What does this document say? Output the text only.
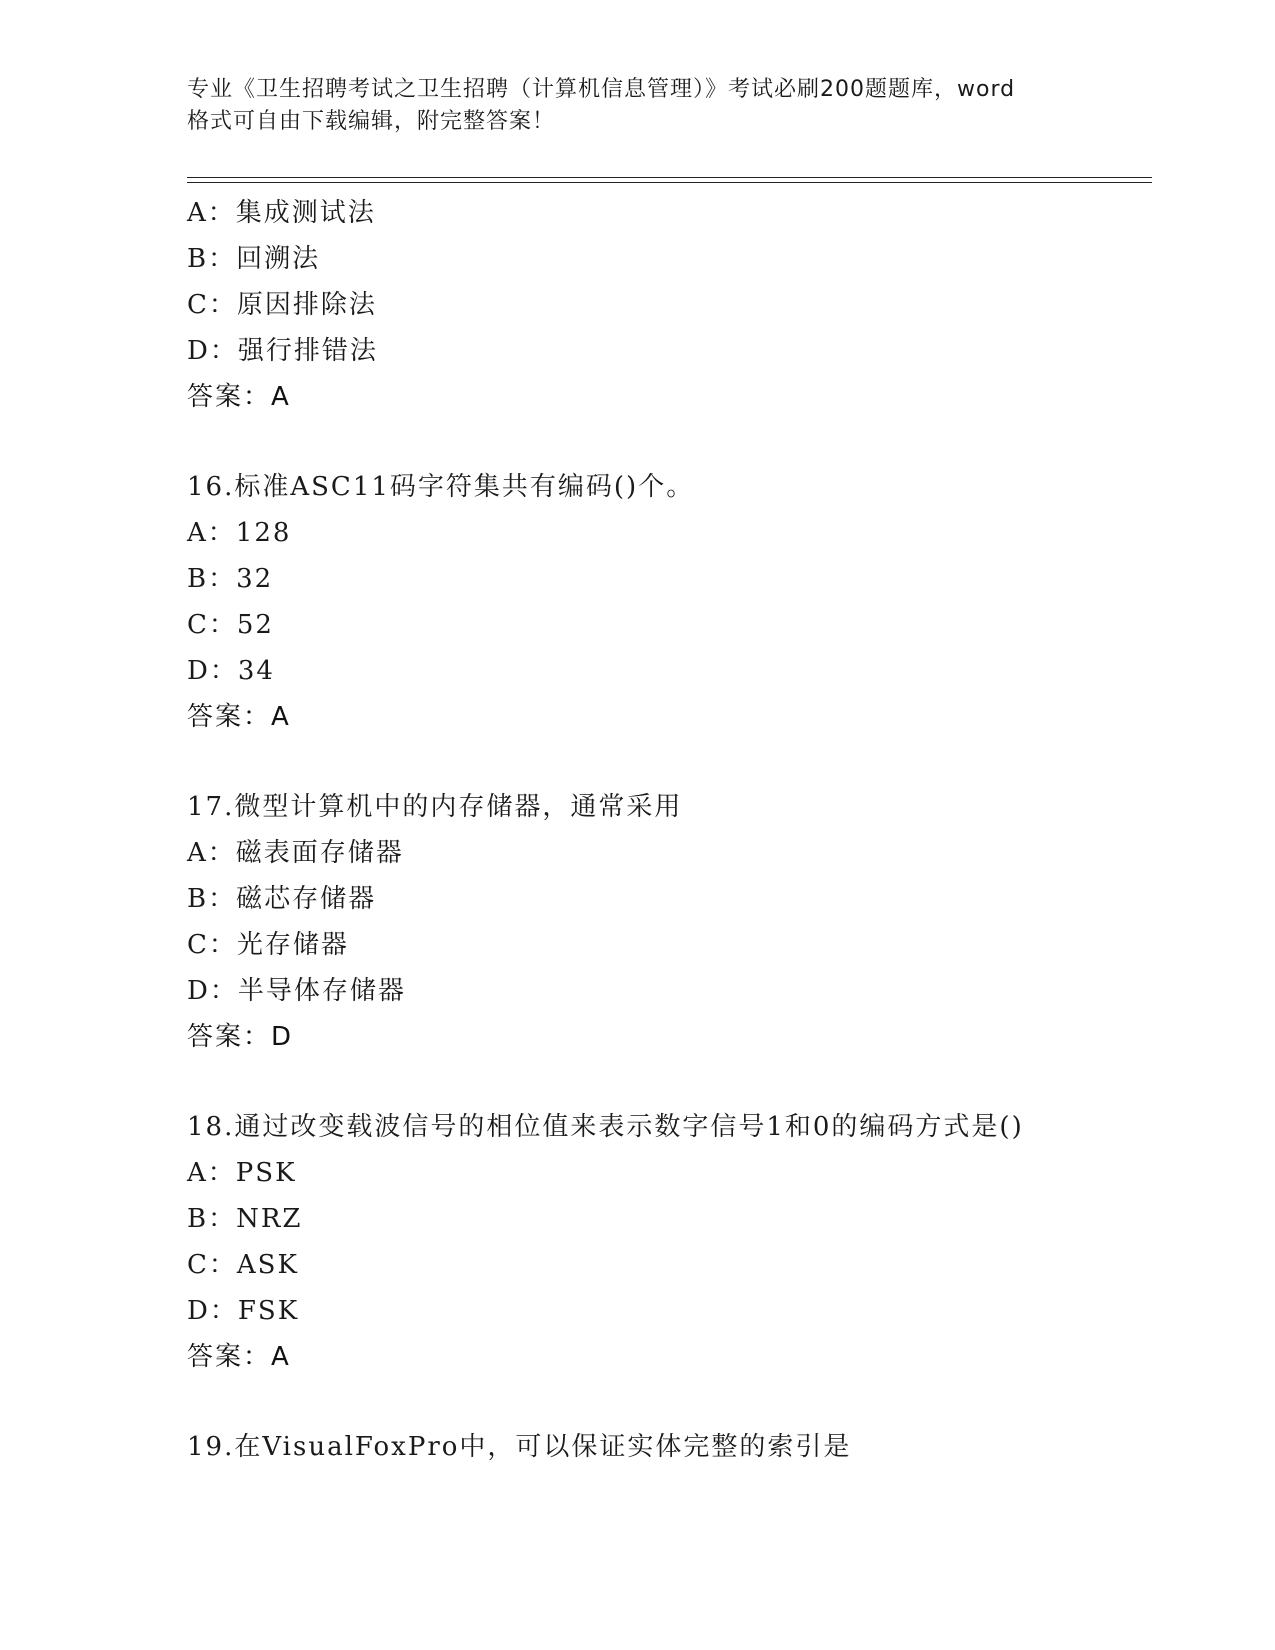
专业《卫生招聘考试之卫生招聘（计算机信息管理）》考试必刷200题题库，word
格式可自由下载编辑，附完整答案！
A：集成测试法
B：回溯法
C：原因排除法
D：强行排错法
答案：A
16.标准ASC11码字符集共有编码()个。
A：128
B：32
C：52
D：34
答案：A
17.微型计算机中的内存储器，通常采用
A：磁表面存储器
B：磁芯存储器
C：光存储器
D：半导体存储器
答案：D
18.通过改变载波信号的相位值来表示数字信号1和0的编码方式是()
A：PSK
B：NRZ
C：ASK
D：FSK
答案：A
19.在VisualFoxPro中，可以保证实体完整的索引是
